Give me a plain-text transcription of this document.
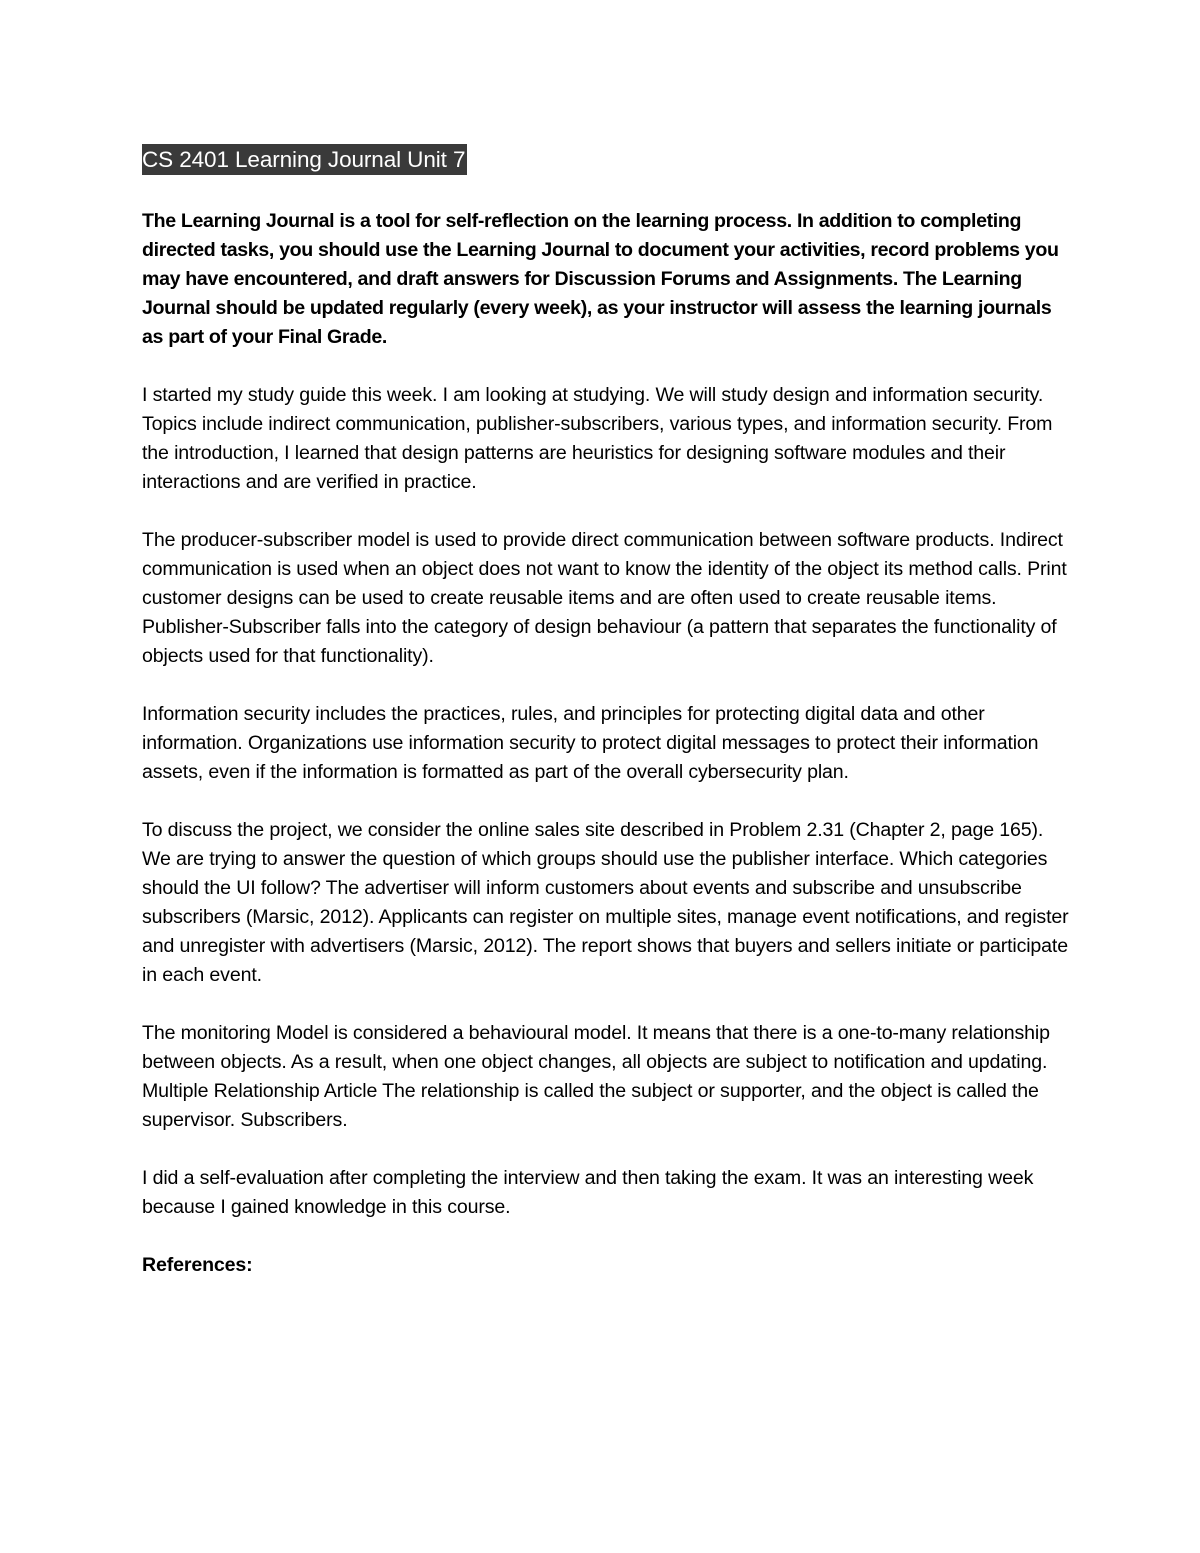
CS 2401 Learning Journal Unit 7

The Learning Journal is a tool for self-reflection on the learning process. In addition to completing directed tasks, you should use the Learning Journal to document your activities, record problems you may have encountered, and draft answers for Discussion Forums and Assignments. The Learning Journal should be updated regularly (every week), as your instructor will assess the learning journals as part of your Final Grade.

I started my study guide this week. I am looking at studying. We will study design and information security. Topics include indirect communication, publisher-subscribers, various types, and information security. From the introduction, I learned that design patterns are heuristics for designing software modules and their interactions and are verified in practice.

The producer-subscriber model is used to provide direct communication between software products. Indirect communication is used when an object does not want to know the identity of the object its method calls. Print customer designs can be used to create reusable items and are often used to create reusable items. Publisher-Subscriber falls into the category of design behaviour (a pattern that separates the functionality of objects used for that functionality).

Information security includes the practices, rules, and principles for protecting digital data and other information. Organizations use information security to protect digital messages to protect their information assets, even if the information is formatted as part of the overall cybersecurity plan.

To discuss the project, we consider the online sales site described in Problem 2.31 (Chapter 2, page 165). We are trying to answer the question of which groups should use the publisher interface. Which categories should the UI follow? The advertiser will inform customers about events and subscribe and unsubscribe subscribers (Marsic, 2012). Applicants can register on multiple sites, manage event notifications, and register and unregister with advertisers (Marsic, 2012). The report shows that buyers and sellers initiate or participate in each event.

The monitoring Model is considered a behavioural model. It means that there is a one-to-many relationship between objects. As a result, when one object changes, all objects are subject to notification and updating. Multiple Relationship Article The relationship is called the subject or supporter, and the object is called the supervisor. Subscribers.

I did a self-evaluation after completing the interview and then taking the exam. It was an interesting week because I gained knowledge in this course.

References:
